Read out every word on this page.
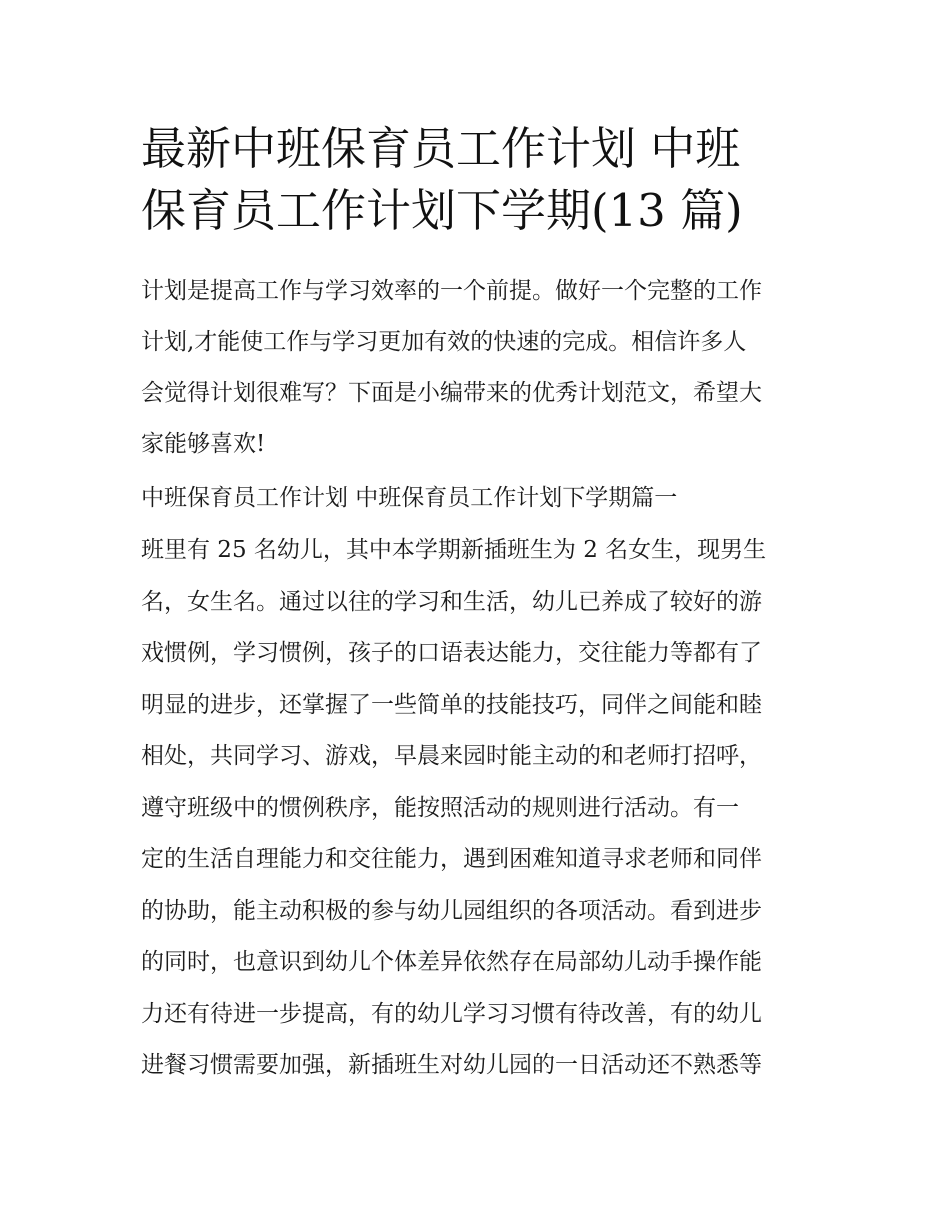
最新中班保育员工作计划 中班
保育员工作计划下学期(13 篇)

计划是提高工作与学习效率的一个前提。做好一个完整的工作
计划,才能使工作与学习更加有效的快速的完成。相信许多人
会觉得计划很难写？下面是小编带来的优秀计划范文，希望大
家能够喜欢!

中班保育员工作计划 中班保育员工作计划下学期篇一

班里有 25 名幼儿，其中本学期新插班生为 2 名女生，现男生
名，女生名。通过以往的学习和生活，幼儿已养成了较好的游
戏惯例，学习惯例，孩子的口语表达能力，交往能力等都有了
明显的进步，还掌握了一些简单的技能技巧，同伴之间能和睦
相处，共同学习、游戏，早晨来园时能主动的和老师打招呼，
遵守班级中的惯例秩序，能按照活动的规则进行活动。有一
定的生活自理能力和交往能力，遇到困难知道寻求老师和同伴
的协助，能主动积极的参与幼儿园组织的各项活动。看到进步
的同时，也意识到幼儿个体差异依然存在局部幼儿动手操作能
力还有待进一步提高，有的幼儿学习习惯有待改善，有的幼儿
进餐习惯需要加强，新插班生对幼儿园的一日活动还不熟悉等
